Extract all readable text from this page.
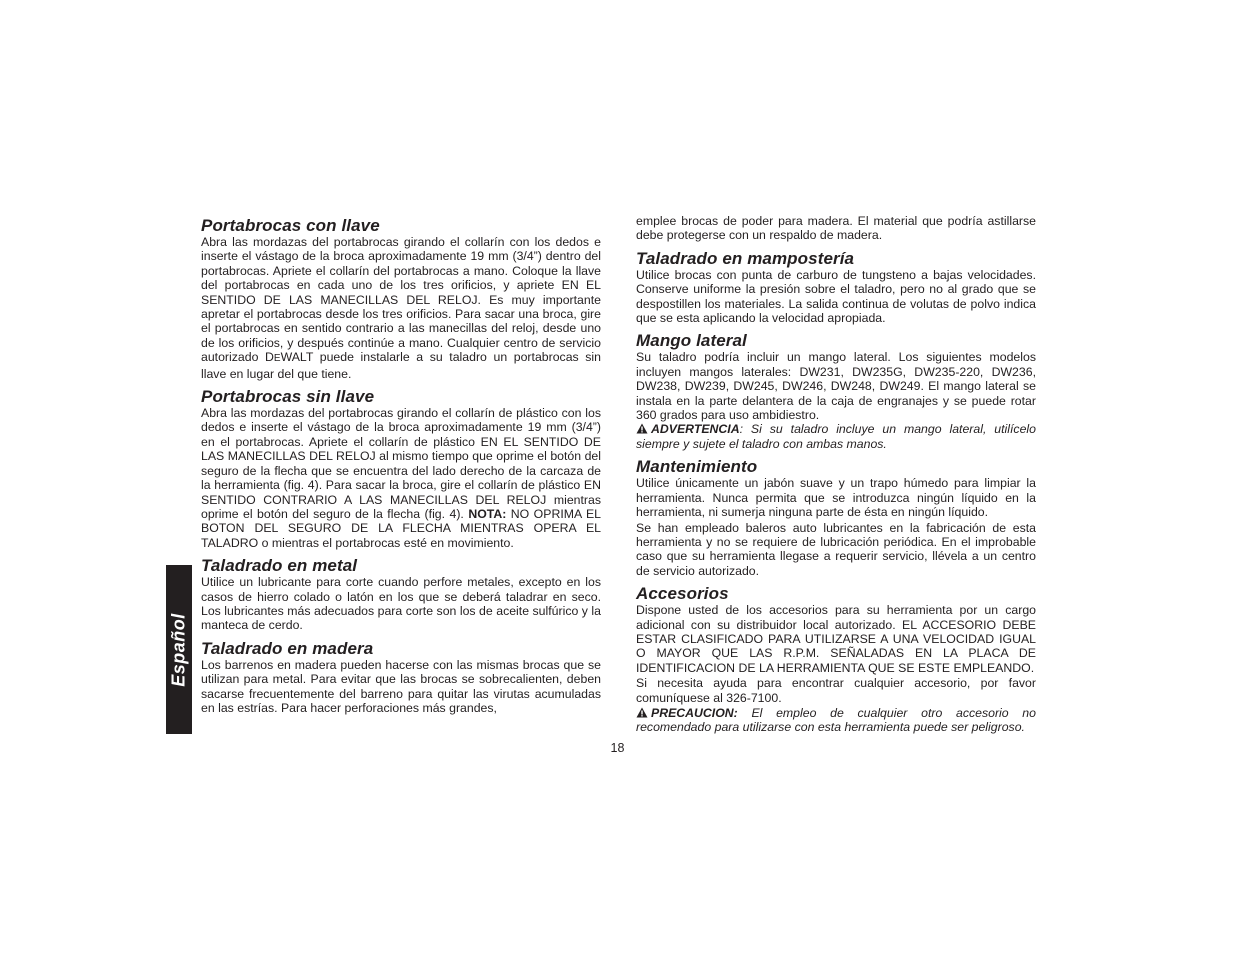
Portabrocas con llave

Abra las mordazas del portabrocas girando el collarín con los dedos e inserte el vástago de la broca aproximadamente 19 mm (3/4”) dentro del portabrocas. Apriete el collarín del portabrocas a mano. Coloque la llave del portabrocas en cada uno de los tres orificios, y apriete EN EL SENTIDO DE LAS MANECILLAS DEL RELOJ. Es muy importante apretar el portabrocas desde los tres orificios. Para sacar una broca, gire el portabrocas en sentido contrario a las manecillas del reloj, desde uno de los orificios, y después continúe a mano. Cualquier centro de servicio autorizado DEWALT puede instalarle a su taladro un portabrocas sin llave en lugar del que tiene.

Portabrocas sin llave

Abra las mordazas del portabrocas girando el collarín de plástico con los dedos e inserte el vástago de la broca aproximadamente 19 mm (3/4”) en el portabrocas. Apriete el collarín de plástico EN EL SENTIDO DE LAS MANECILLAS DEL RELOJ al mismo tiempo que oprime el botón del seguro de la flecha que se encuentra del lado derecho de la carcaza de la herramienta (fig. 4). Para sacar la broca, gire el collarín de plástico EN SENTIDO CONTRARIO A LAS MANECILLAS DEL RELOJ mientras oprime el botón del seguro de la flecha (fig. 4). NOTA: NO OPRIMA EL BOTON DEL SEGURO DE LA FLECHA MIENTRAS OPERA EL TALADRO o mientras el portabrocas esté en movimiento.

Taladrado en metal

Utilice un lubricante para corte cuando perfore metales, excepto en los casos de hierro colado o latón en los que se deberá taladrar en seco. Los lubricantes más adecuados para corte son los de aceite sulfúrico y la manteca de cerdo.

Taladrado en madera

Los barrenos en madera pueden hacerse con las mismas brocas que se utilizan para metal. Para evitar que las brocas se sobrecalienten, deben sacarse frecuentemente del barreno para quitar las virutas acumuladas en las estrías. Para hacer perforaciones más grandes,

emplee brocas de poder para madera. El material que podría astillarse debe protegerse con un respaldo de madera.

Taladrado en mampostería

Utilice brocas con punta de carburo de tungsteno a bajas velocidades. Conserve uniforme la presión sobre el taladro, pero no al grado que se despostillen los materiales. La salida continua de volutas de polvo indica que se esta aplicando la velocidad apropiada.

Mango lateral

Su taladro podría incluir un mango lateral. Los siguientes modelos incluyen mangos laterales: DW231, DW235G, DW235-220, DW236, DW238, DW239, DW245, DW246, DW248, DW249. El mango lateral se instala en la parte delantera de la caja de engranajes y se puede rotar 360 grados para uso ambidiestro.

ADVERTENCIA: Si su taladro incluye un mango lateral, utilícelo siempre y sujete el taladro con ambas manos.

Mantenimiento

Utilice únicamente un jabón suave y un trapo húmedo para limpiar la herramienta. Nunca permita que se introduzca ningún líquido en la herramienta, ni sumerja ninguna parte de ésta en ningún líquido.

Se han empleado baleros auto lubricantes en la fabricación de esta herramienta y no se requiere de lubricación periódica. En el improbable caso que su herramienta llegase a requerir servicio, llévela a un centro de servicio autorizado.

Accesorios

Dispone usted de los accesorios para su herramienta por un cargo adicional con su distribuidor local autorizado. EL ACCESORIO DEBE ESTAR CLASIFICADO PARA UTILIZARSE A UNA VELOCIDAD IGUAL O MAYOR QUE LAS R.P.M. SEÑALADAS EN LA PLACA DE IDENTIFICACION DE LA HERRAMIENTA QUE SE ESTE EMPLEANDO.

Si necesita ayuda para encontrar cualquier accesorio, por favor comuníquese al 326-7100.

PRECAUCION: El empleo de cualquier otro accesorio no recomendado para utilizarse con esta herramienta puede ser peligroso.

Español
18
